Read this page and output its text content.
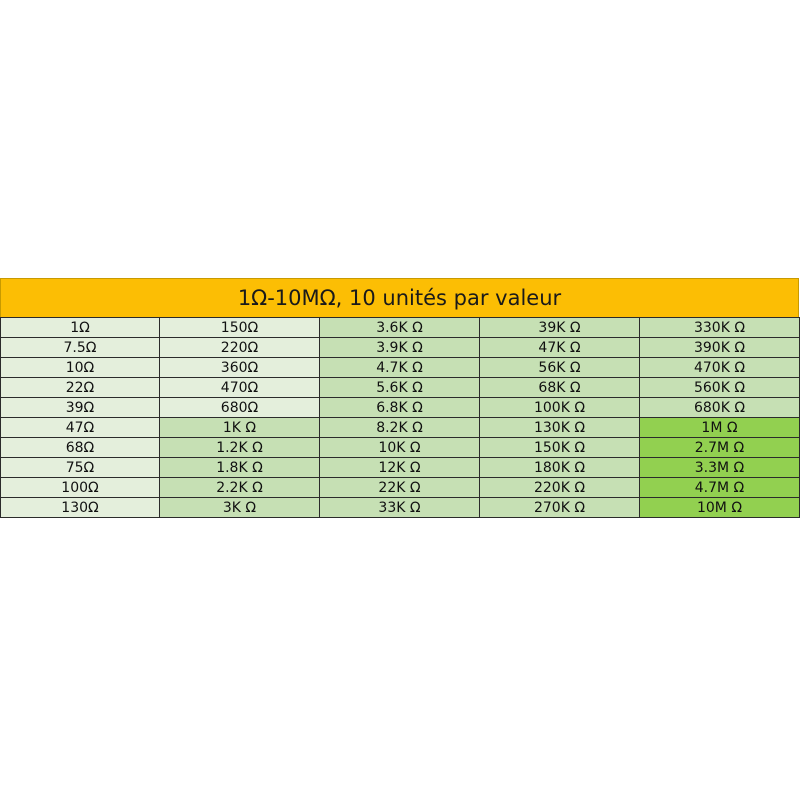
1Ω-10MΩ, 10 unités par valeur
1Ω	150Ω	3.6K Ω	39K Ω	330K Ω
7.5Ω	220Ω	3.9K Ω	47K Ω	390K Ω
10Ω	360Ω	4.7K Ω	56K Ω	470K Ω
22Ω	470Ω	5.6K Ω	68K Ω	560K Ω
39Ω	680Ω	6.8K Ω	100K Ω	680K Ω
47Ω	1K Ω	8.2K Ω	130K Ω	1M Ω
68Ω	1.2K Ω	10K Ω	150K Ω	2.7M Ω
75Ω	1.8K Ω	12K Ω	180K Ω	3.3M Ω
100Ω	2.2K Ω	22K Ω	220K Ω	4.7M Ω
130Ω	3K Ω	33K Ω	270K Ω	10M Ω
